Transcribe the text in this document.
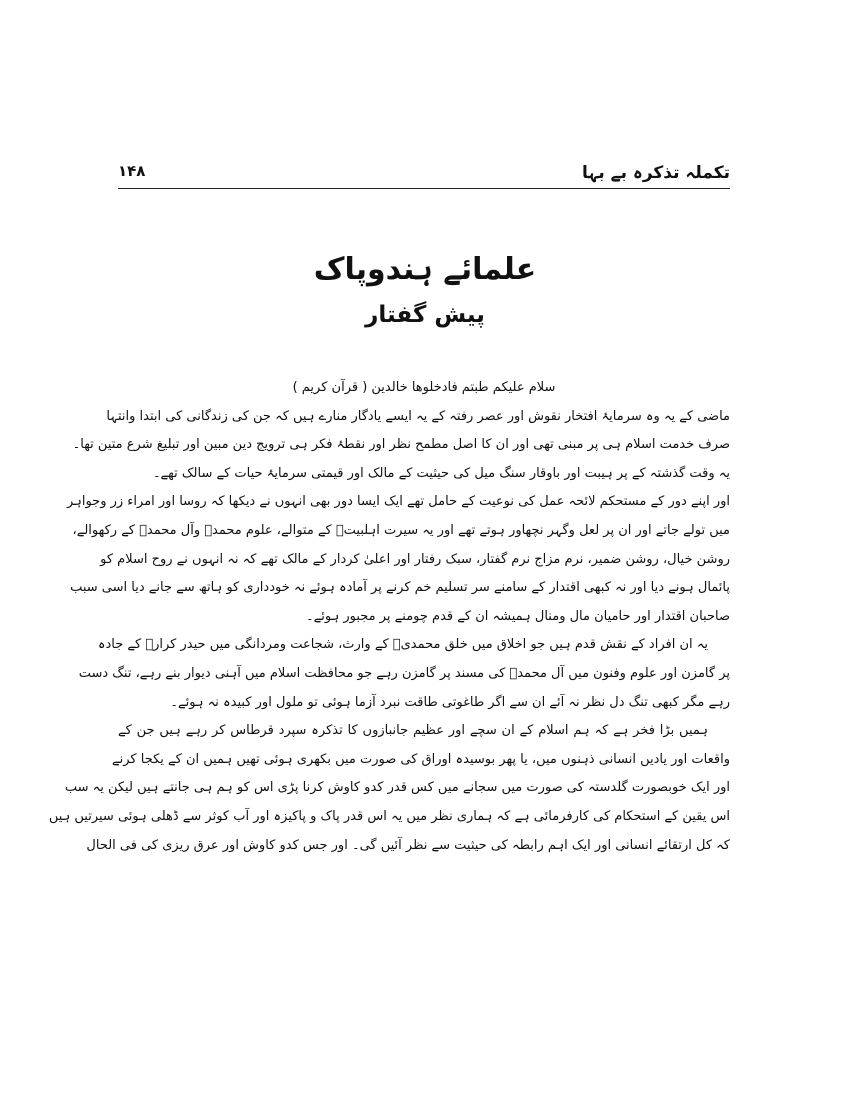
تکملہ تذکرہ بے بہا
۱۴۸
علمائے ہندوپاک
پیش گفتار
سلام علیکم طبتم فادخلوها خالدين ( قرآن کریم )
ماضی کے یہ وہ سرمایۂ افتخار نقوش اور عصر رفتہ کے یہ ایسے یادگار منارے ہیں کہ جن کی زندگانی کی ابتدا وانتہا
صرف خدمت اسلام ہی پر مبنی تھی اور ان کا اصل مطمح نظر اور نقطۂ فکر ہی ترویج دین مبین اور تبلیغ شرع متین تھا۔
یہ وقت گذشتہ کے پر ہیبت اور باوقار سنگ میل کی حیثیت کے مالک اور قیمتی سرمایۂ حیات کے سالک تھے۔
اور اپنے دور کے مستحکم لائحہ عمل کی نوعیت کے حامل تھے ایک ایسا دور بھی انہوں نے دیکھا کہ روسا اور امراء زر وجواہر
میں تولے جاتے اور ان پر لعل وگہر نچھاور ہوتے تھے اور یہ سیرت اہلبیتؑ کے متوالے، علوم محمدؐ وآل محمدؐ کے رکھوالے،
روشن خیال، روشن ضمیر، نرم مزاج نرم گفتار، سبک رفتار اور اعلیٰ کردار کے مالک تھے کہ نہ انہوں نے روح اسلام کو
پائمال ہونے دیا اور نہ کبھی اقتدار کے سامنے سر تسلیم خم کرنے پر آمادہ ہوئے نہ خودداری کو ہاتھ سے جانے دیا اسی سبب
صاحبان اقتدار اور حامیان مال ومنال ہمیشہ ان کے قدم چومنے پر مجبور ہوئے۔
یہ ان افراد کے نقش قدم ہیں جو اخلاق میں خلق محمدیؐ کے وارث، شجاعت ومردانگی میں حیدر کرارؑ کے جادہ
پر گامزن اور علوم وفنون میں آل محمدؐ کی مسند پر گامزن رہے جو محافظت اسلام میں آہنی دیوار بنے رہے، تنگ دست
رہے مگر کبھی تنگ دل نظر نہ آئے ان سے اگر طاغوتی طاقت نبرد آزما ہوئی تو ملول اور کبیدہ نہ ہوئے۔
ہمیں بڑا فخر ہے کہ ہم اسلام کے ان سچے اور عظیم جانبازوں کا تذکرہ سپرد قرطاس کر رہے ہیں جن کے
واقعات اور یادیں انسانی ذہنوں میں، یا پھر بوسیدہ اوراق کی صورت میں بکھری ہوئی تھیں ہمیں ان کے یکجا کرنے
اور ایک خوبصورت گلدستہ کی صورت میں سجانے میں کس قدر کدو کاوش کرنا پڑی اس کو ہم ہی جانتے ہیں لیکن یہ سب
اس یقین کے استحکام کی کارفرمائی ہے کہ ہماری نظر میں یہ اس قدر پاک و پاکیزہ اور آب کوثر سے ڈھلی ہوئی سیرتیں ہیں
کہ کل ارتقائے انسانی اور ایک اہم رابطہ کی حیثیت سے نظر آئیں گی۔ اور جس کدو کاوش اور عرق ریزی کی فی الحال
